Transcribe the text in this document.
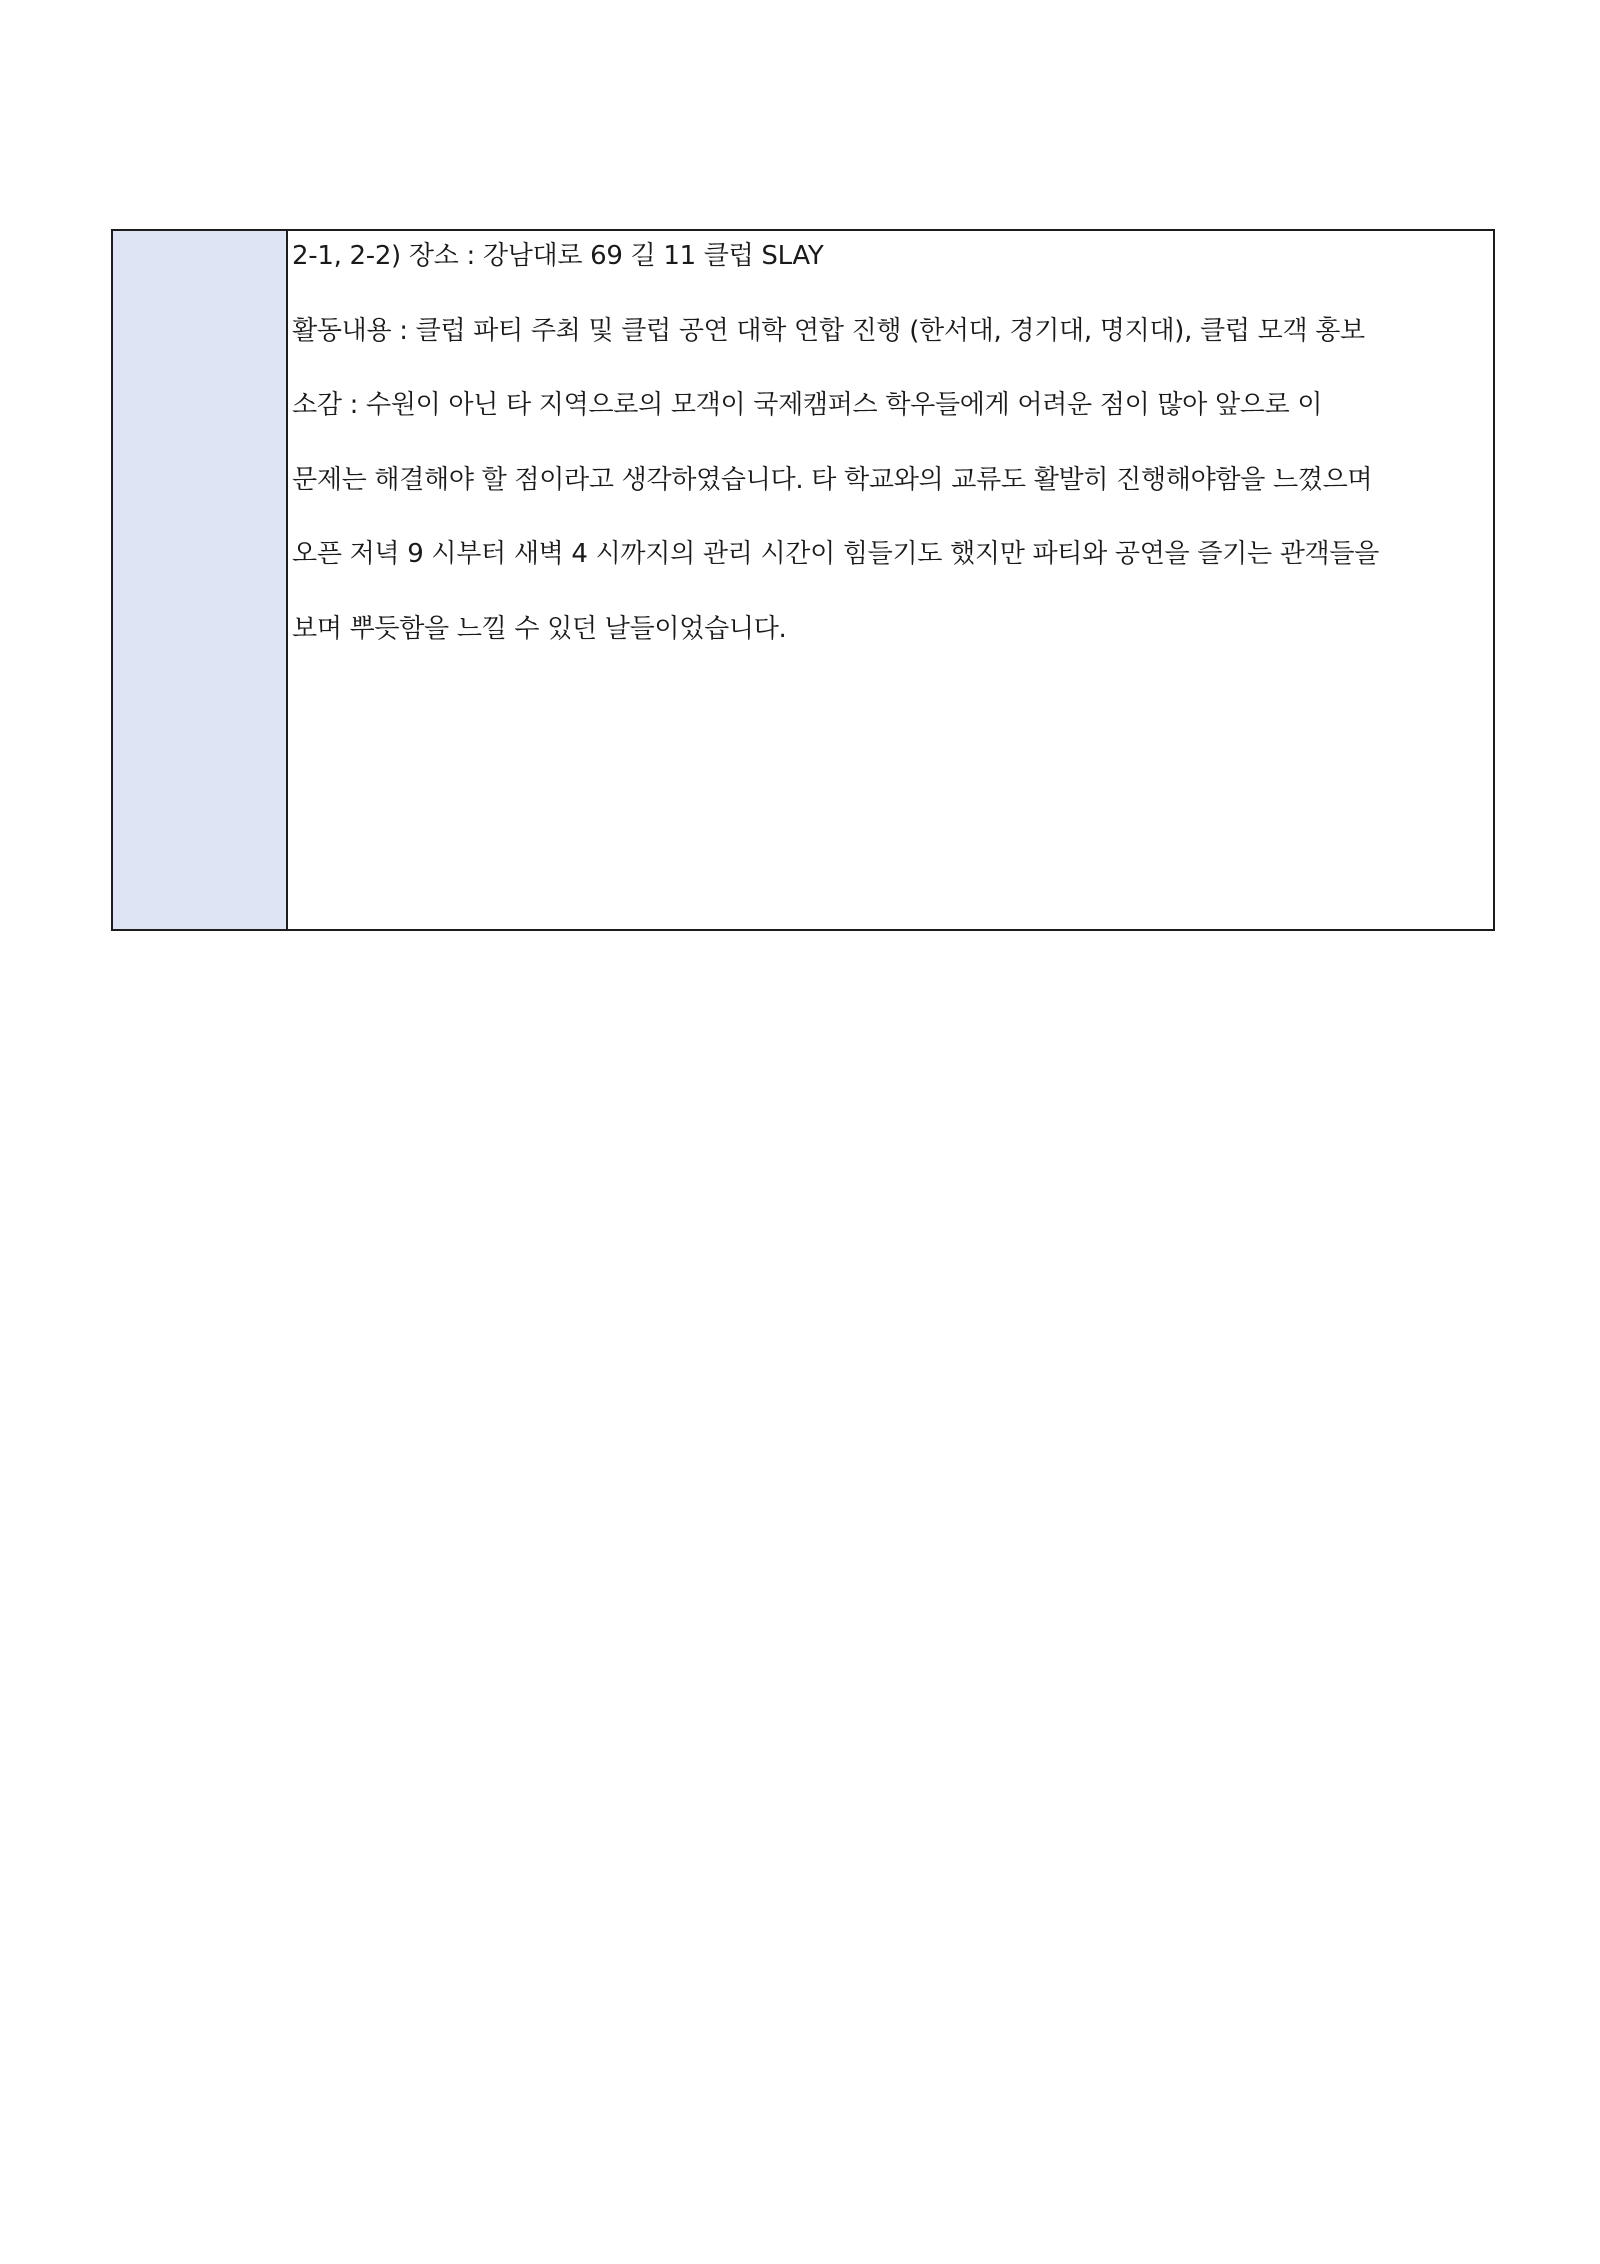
2-1, 2-2) 장소 : 강남대로 69 길 11 클럽 SLAY
활동내용 : 클럽 파티 주최 및 클럽 공연 대학 연합 진행 (한서대, 경기대, 명지대), 클럽 모객 홍보
소감 : 수원이 아닌 타 지역으로의 모객이 국제캠퍼스 학우들에게 어려운 점이 많아 앞으로 이
문제는 해결해야 할 점이라고 생각하였습니다. 타 학교와의 교류도 활발히 진행해야함을 느꼈으며
오픈 저녁 9 시부터 새벽 4 시까지의 관리 시간이 힘들기도 했지만 파티와 공연을 즐기는 관객들을
보며 뿌듯함을 느낄 수 있던 날들이었습니다.
